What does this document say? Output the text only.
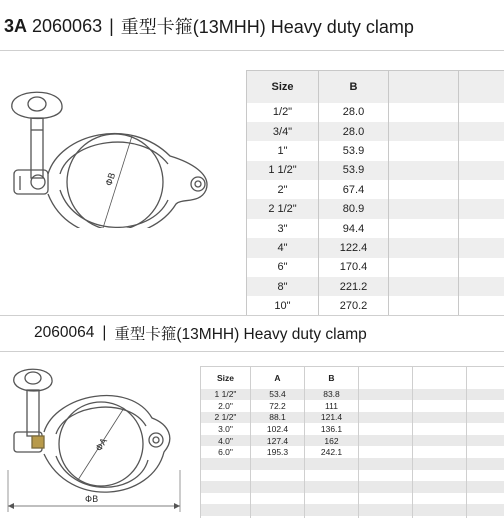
3A 2060063 | 重型卡箍(13MHH) Heavy duty clamp
ΦB
Size	B		
1/2"	28.0		
3/4"	28.0		
1"	53.9		
1 1/2"	53.9		
2"	67.4		
2 1/2"	80.9		
3"	94.4		
4"	122.4		
6"	170.4		
8"	221.2		
10"	270.2		
2060064 | 重型卡箍(13MHH) Heavy duty clamp
ΦA
ΦB
Size	A	B			
1 1/2"	53.4	83.8			
2.0"	72.2	111			
2 1/2"	88.1	121.4			
3.0"	102.4	136.1			
4.0"	127.4	162			
6.0"	195.3	242.1			
